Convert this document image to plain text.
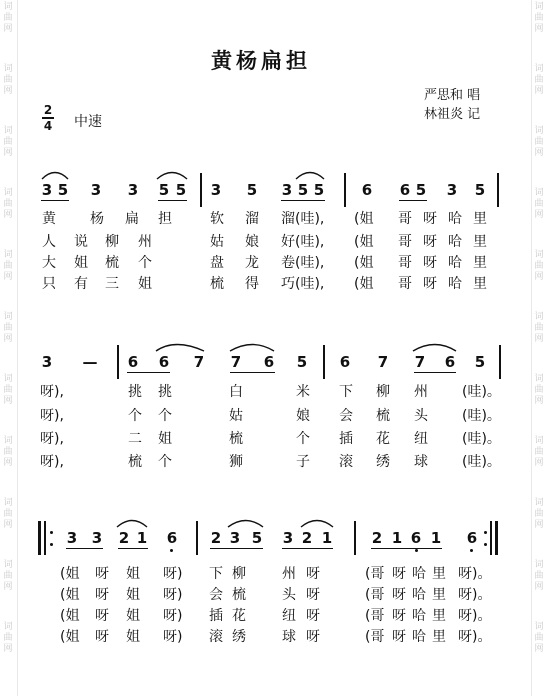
词
曲
网
词
曲
网
词
曲
网
词
曲
网
词
曲
网
词
曲
网
词
曲
网
词
曲
网
词
曲
网
词
曲
网
词
曲
网
词
曲
网
词
曲
网
词
曲
网
词
曲
网
词
曲
网
词
曲
网
词
曲
网
词
曲
网
词
曲
网
词
曲
网
词
曲
网
黄杨扁担
严思和 唱
林祖炎 记
2
4 中速
3 5 3 3 5 5 3 5 3 5 5	6 6 5 3 5
黄 杨 扁 担	软 溜 溜(哇), (姐 哥 呀 哈 里
人 说 柳 州	姑 娘 好(哇), (姐 哥 呀 哈 里
大 姐 梳 个	盘 龙 卷(哇), (姐 哥 呀 哈 里
只 有 三 姐	梳 得 巧(哇), (姐 哥 呀 哈 里
3 — 6 6 7 7 6 5 6 7 7 6 5
呀),	挑 挑	白	米 下 柳 州 (哇)。
呀),	个 个	姑	娘 会 梳 头 (哇)。
呀),	二 姐	梳	个 插 花 纽 (哇)。
呀),	梳 个	狮	子 滚 绣 球 (哇)。
3 3 2 1 6 2 3 5 3 2 1	2 1 6 1 6
(姐 呀 姐 呀) 下 柳	州 呀	(哥 呀 哈 里 呀)。
(姐 呀 姐 呀) 会 梳	头 呀	(哥 呀 哈 里 呀)。
(姐 呀 姐 呀) 插 花	纽 呀	(哥 呀 哈 里 呀)。
(姐 呀 姐 呀) 滚 绣	球 呀	(哥 呀 哈 里 呀)。
